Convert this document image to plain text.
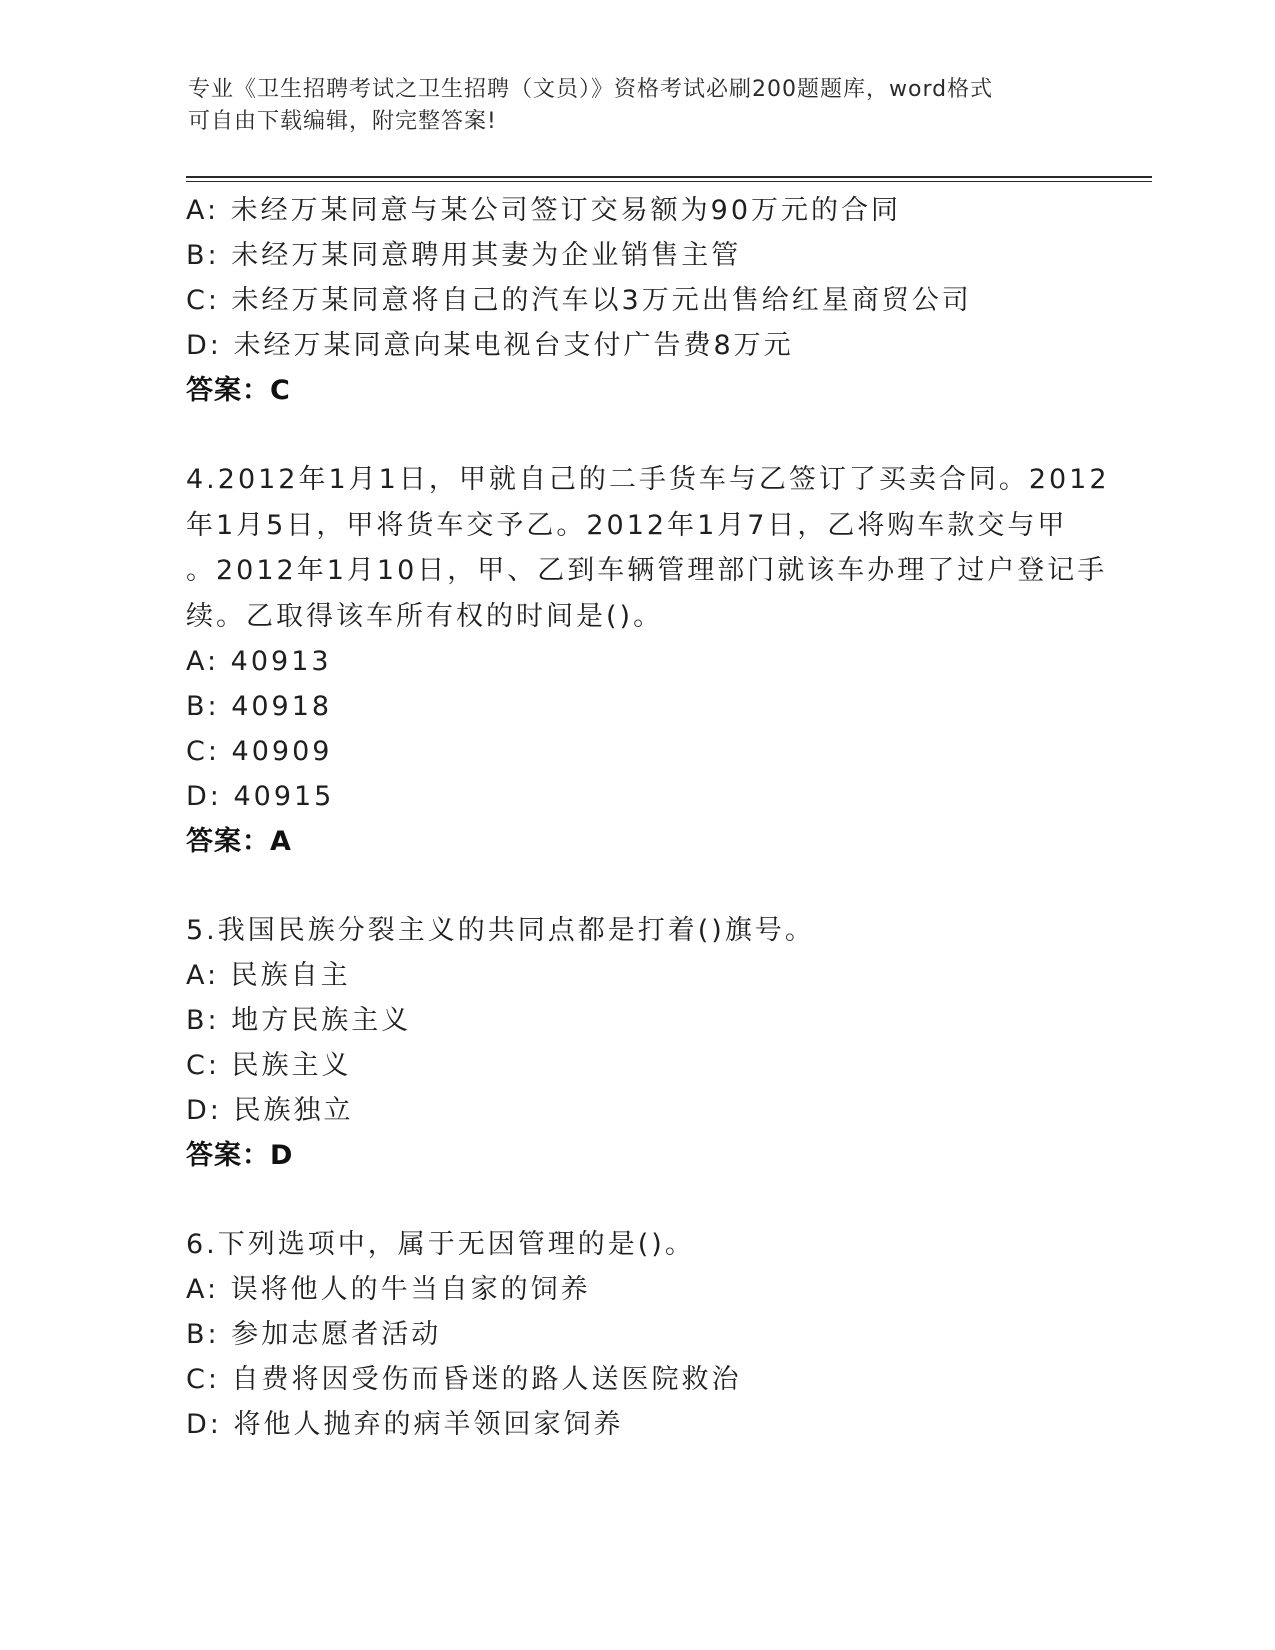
专业《卫生招聘考试之卫生招聘（文员）》资格考试必刷200题题库，word格式
可自由下载编辑，附完整答案!
A: 未经万某同意与某公司签订交易额为90万元的合同
B: 未经万某同意聘用其妻为企业销售主管
C: 未经万某同意将自己的汽车以3万元出售给红星商贸公司
D: 未经万某同意向某电视台支付广告费8万元
答案：C
4.2012年1月1日，甲就自己的二手货车与乙签订了买卖合同。2012
年1月5日，甲将货车交予乙。2012年1月7日，乙将购车款交与甲
。2012年1月10日，甲、乙到车辆管理部门就该车办理了过户登记手
续。乙取得该车所有权的时间是()。
A: 40913
B: 40918
C: 40909
D: 40915
答案：A
5.我国民族分裂主义的共同点都是打着()旗号。
A: 民族自主
B: 地方民族主义
C: 民族主义
D: 民族独立
答案：D
6.下列选项中，属于无因管理的是()。
A: 误将他人的牛当自家的饲养
B: 参加志愿者活动
C: 自费将因受伤而昏迷的路人送医院救治
D: 将他人抛弃的病羊领回家饲养
